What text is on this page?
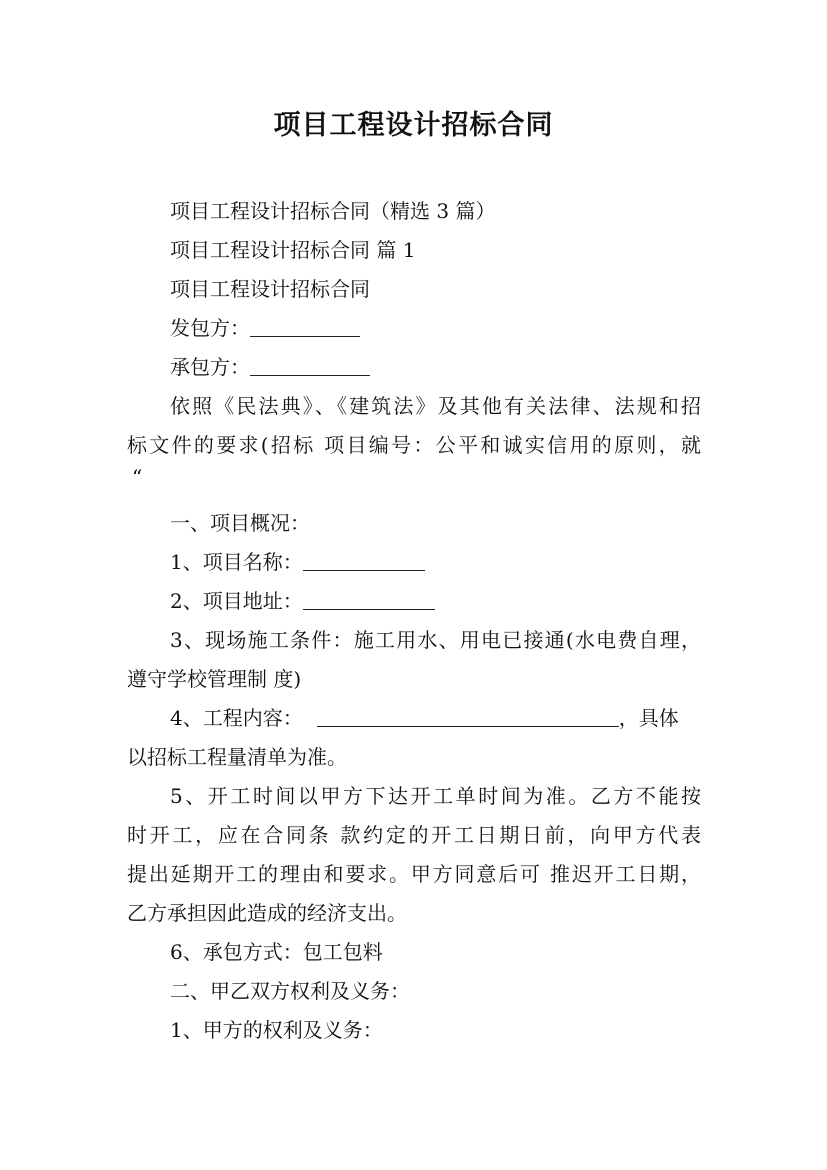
项目工程设计招标合同

项目工程设计招标合同（精选 3 篇）

项目工程设计招标合同 篇 1

项目工程设计招标合同

发包方：

承包方：

依照《民法典》、《建筑法》及其他有关法律、法规和招

标文件的要求(招标 项目编号：公平和诚实信用的原则，就

“

一、项目概况：

1、项目名称：

2、项目地址：

3、现场施工条件：施工用水、用电已接通(水电费自理，

遵守学校管理制 度)

4、工程内容：	，具体

以招标工程量清单为准。

5、开工时间以甲方下达开工单时间为准。乙方不能按

时开工，应在合同条 款约定的开工日期日前，向甲方代表

提出延期开工的理由和要求。甲方同意后可 推迟开工日期，

乙方承担因此造成的经济支出。

6、承包方式：包工包料

二、甲乙双方权利及义务：

1、甲方的权利及义务：
